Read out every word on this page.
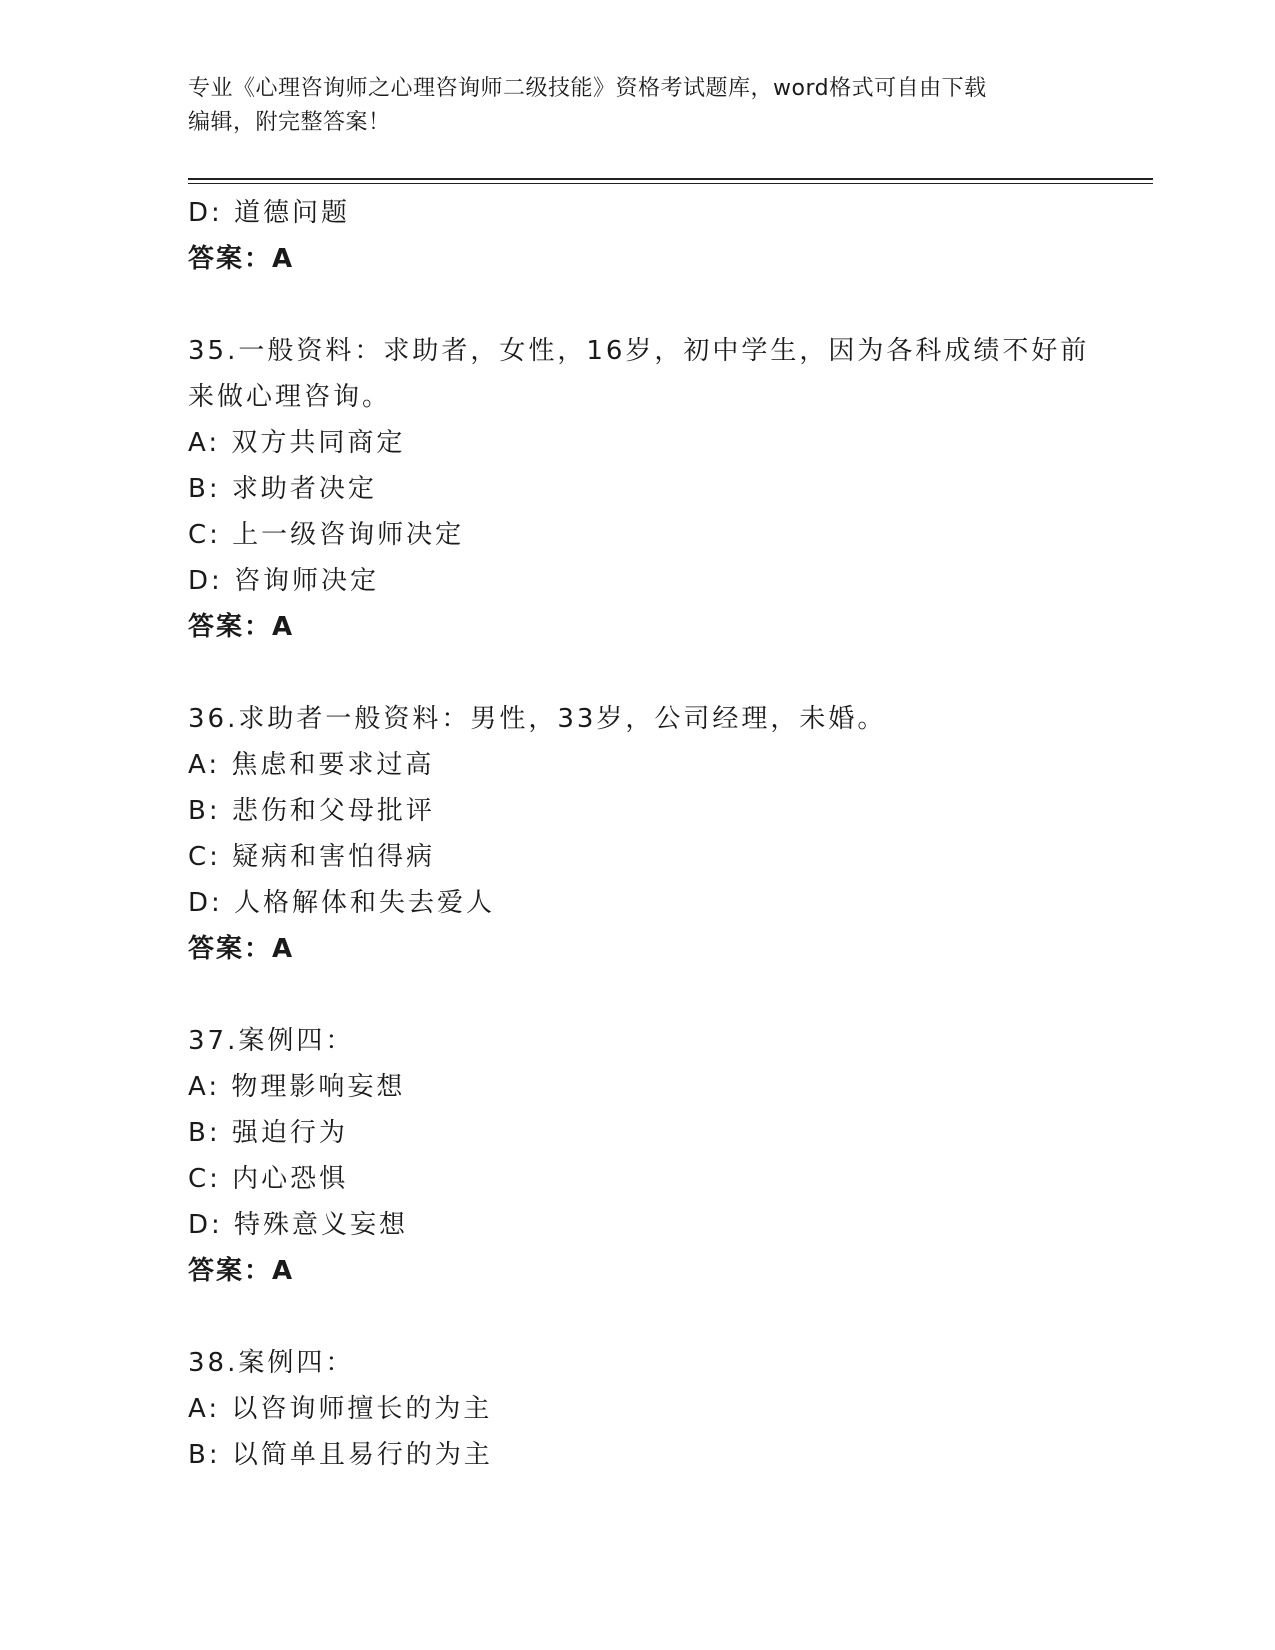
专业《心理咨询师之心理咨询师二级技能》资格考试题库，word格式可自由下载
编辑，附完整答案！
D: 道德问题
答案：A
35.一般资料：求助者，女性，16岁，初中学生，因为各科成绩不好前
来做心理咨询。
A: 双方共同商定
B: 求助者决定
C: 上一级咨询师决定
D: 咨询师决定
答案：A
36.求助者一般资料：男性，33岁，公司经理，未婚。
A: 焦虑和要求过高
B: 悲伤和父母批评
C: 疑病和害怕得病
D: 人格解体和失去爱人
答案：A
37.案例四：
A: 物理影响妄想
B: 强迫行为
C: 内心恐惧
D: 特殊意义妄想
答案：A
38.案例四：
A: 以咨询师擅长的为主
B: 以简单且易行的为主
